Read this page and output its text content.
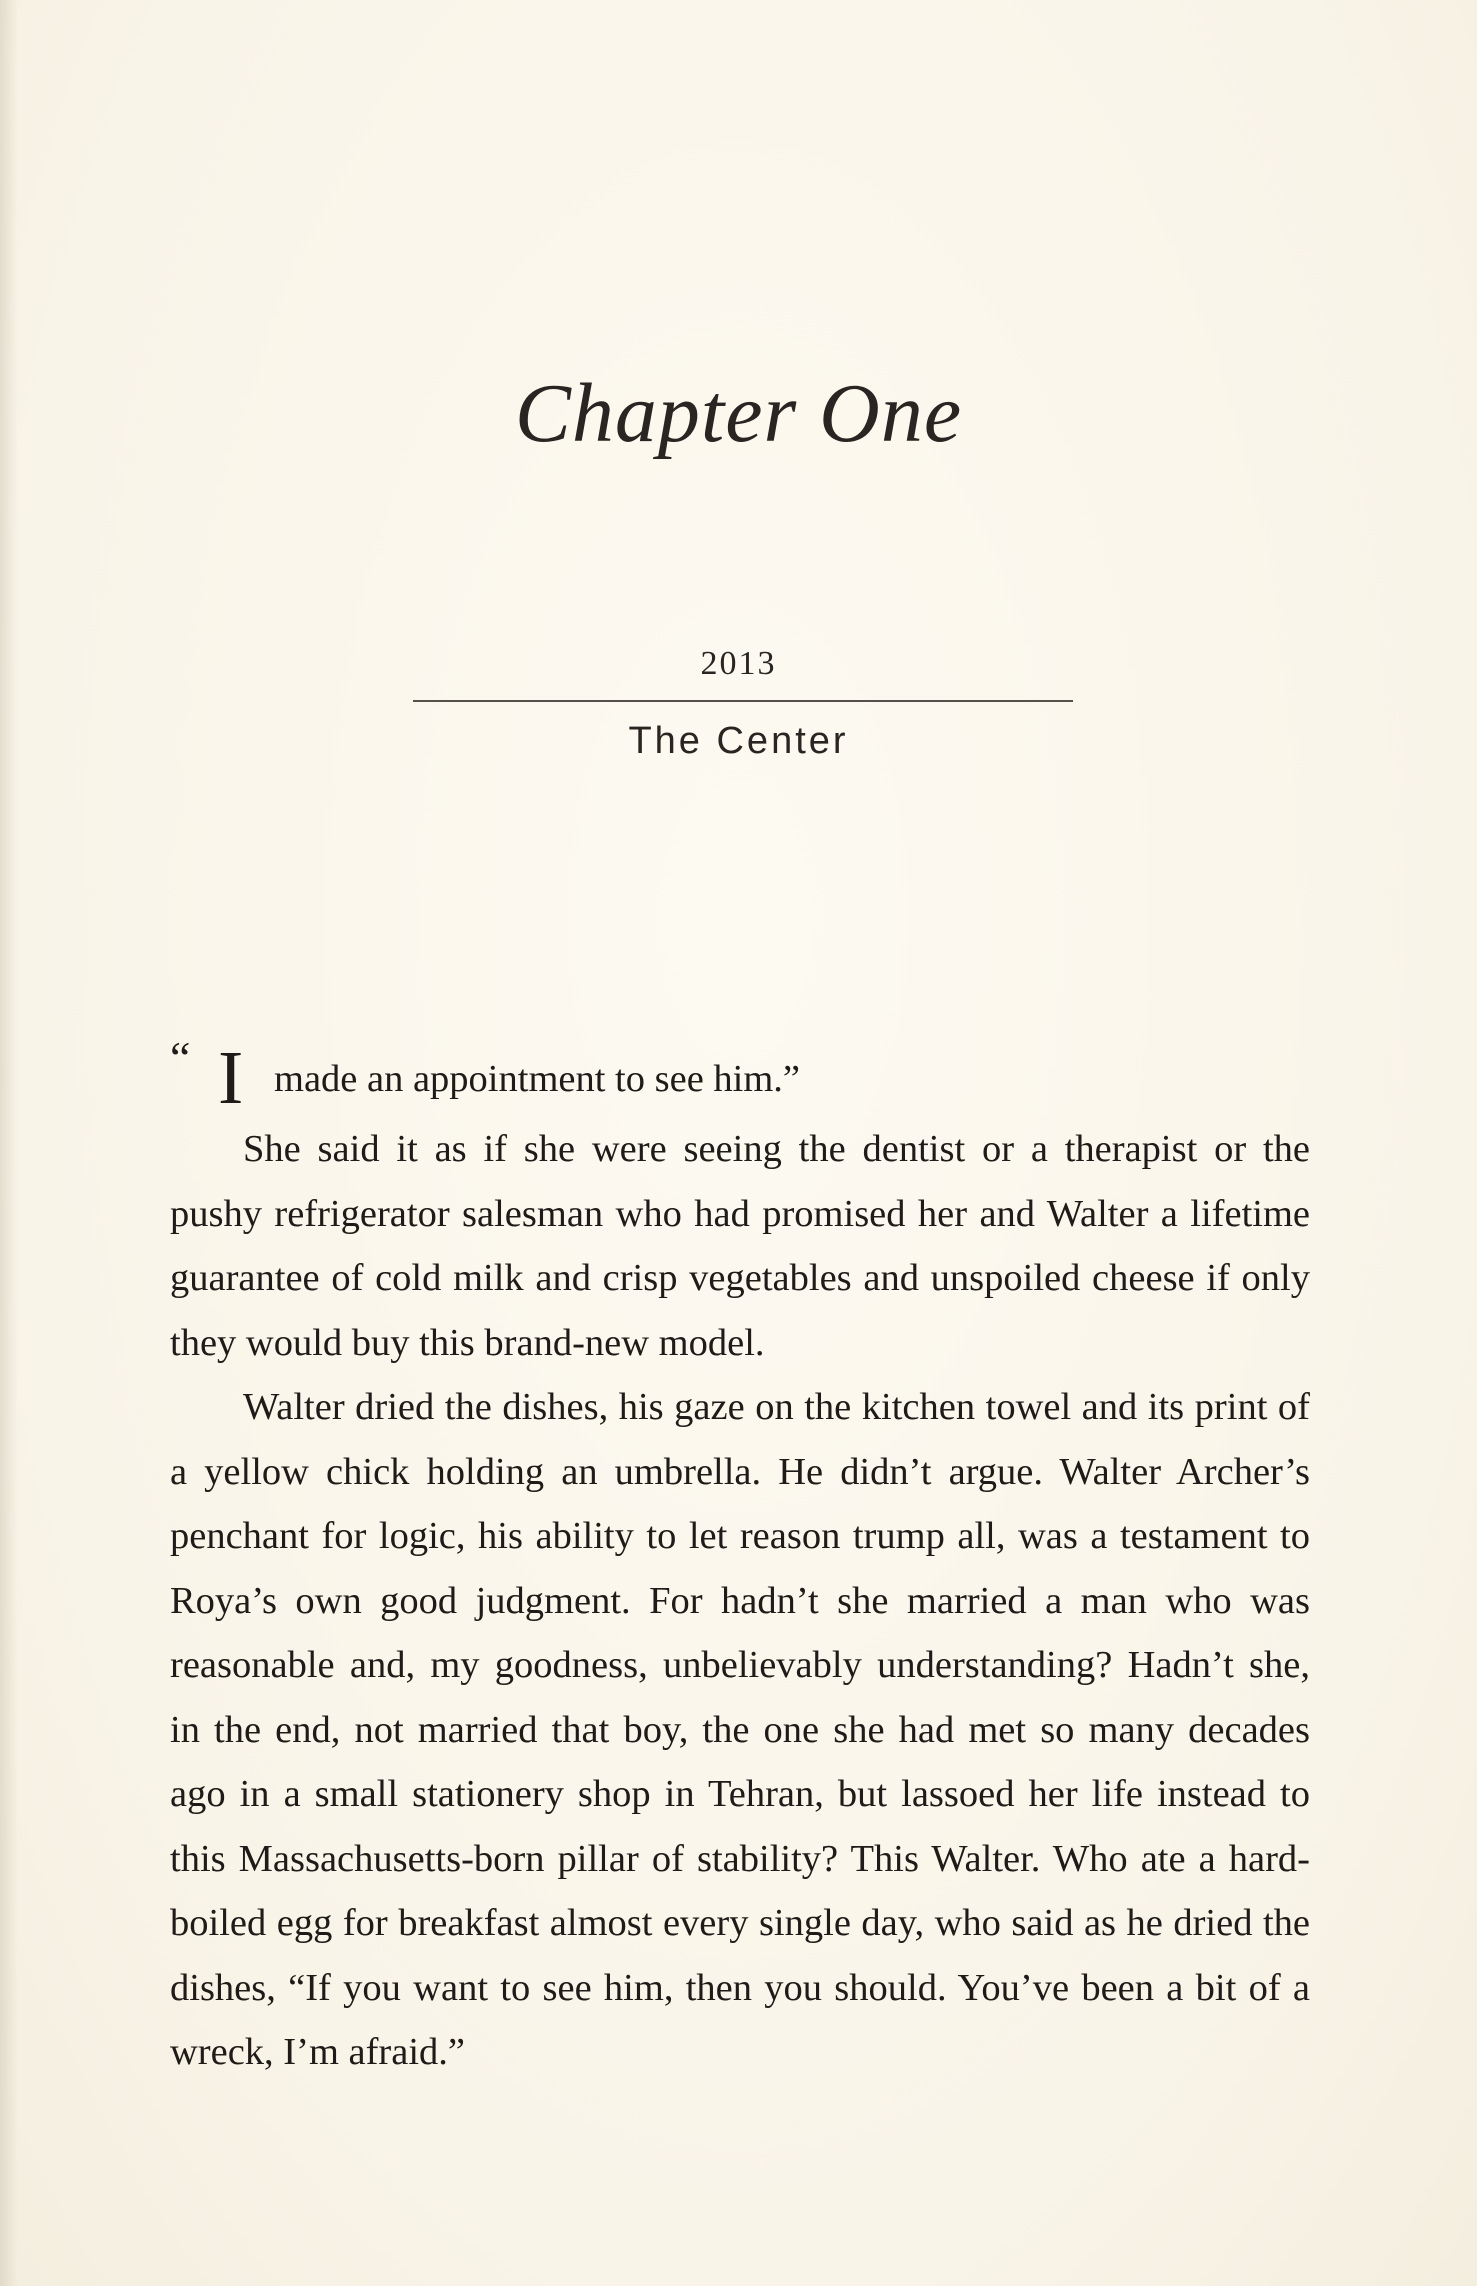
Chapter One
2013
The Center
“ I made an appointment to see him.”

She said it as if she were seeing the dentist or a therapist or the pushy refrigerator salesman who had promised her and Walter a lifetime guarantee of cold milk and crisp vegetables and unspoiled cheese if only they would buy this brand-new model.

Walter dried the dishes, his gaze on the kitchen towel and its print of a yellow chick holding an umbrella. He didn’t argue. Walter Archer’s penchant for logic, his ability to let reason trump all, was a testament to Roya’s own good judgment. For hadn’t she married a man who was reasonable and, my goodness, unbelievably understanding? Hadn’t she, in the end, not married that boy, the one she had met so many decades ago in a small stationery shop in Tehran, but lassoed her life instead to this Massachusetts-born pillar of stability? This Walter. Who ate a hard-boiled egg for breakfast almost every single day, who said as he dried the dishes, “If you want to see him, then you should. You’ve been a bit of a wreck, I’m afraid.”
